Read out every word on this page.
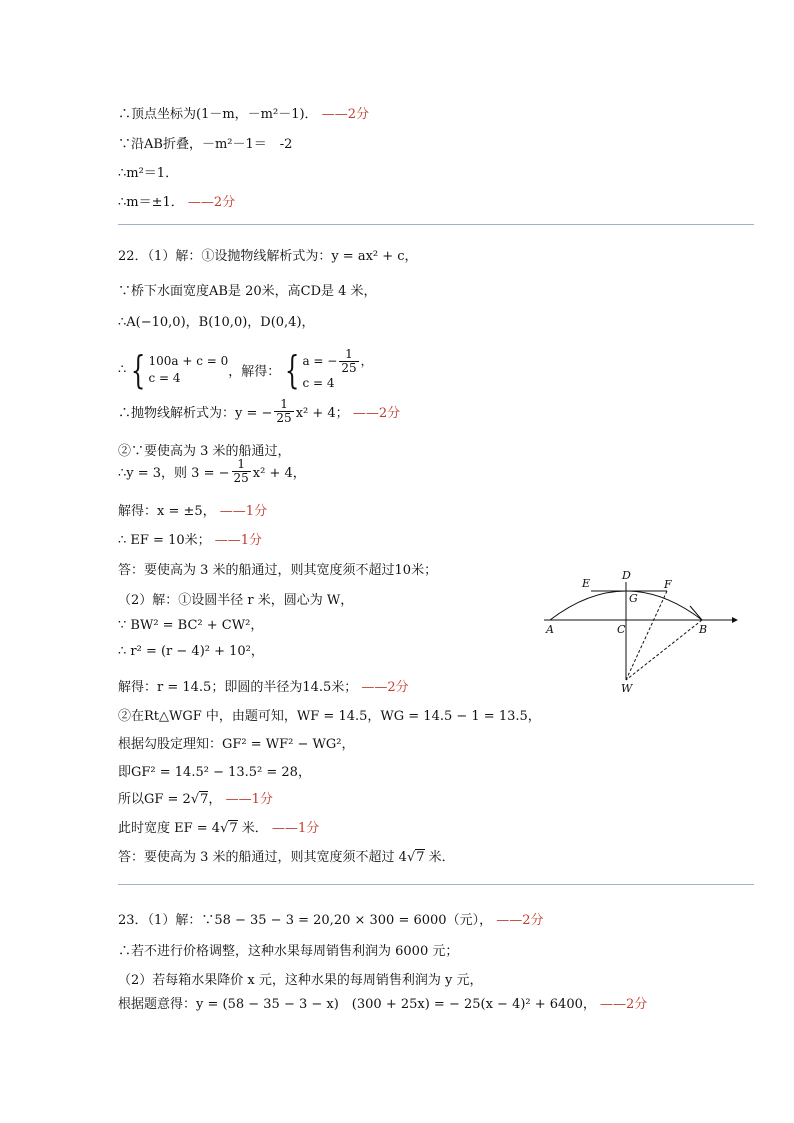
∴顶点坐标为(1－m，－m²－1)． ——2分
∵沿AB折叠，－m²－1＝　-2
∴m²＝1．
∴m＝±1． ——2分
22．（1）解：①设抛物线解析式为：y = ax² + c，
∵桥下水面宽度AB是 20米，高CD是 4 米，
∴A(−10,0)，B(10,0)，D(0,4)，
∴ { 100a + c = 0
c = 4	，解得： { a = − $\frac{1}{25}$ ，
c = 4
∴抛物线解析式为：y = − $\frac{1}{25} x^2 + 4$； ——2分
②∵要使高为 3 米的船通过，
∴y = 3，则 3 = − $\frac{1}{25} x^2 + 4$，
解得：x = ±5， ——1分
∴ EF = 10米； ——1分
答：要使高为 3 米的船通过，则其宽度须不超过10米；
（2）解：①设圆半径 r 米，圆心为 W，
∵ BW² = BC² + CW²，
∴ r² = (r − 4)² + 10²，
解得：r = 14.5；即圆的半径为14.5米； ——2分
②在Rt△WGF 中，由题可知，WF = 14.5，WG = 14.5 − 1 = 13.5，
根据勾股定理知：GF² = WF² − WG²，
即GF² = 14.5² − 13.5² = 28，
所以GF = 2√7， ——1分
此时宽度 EF = 4√7 米． ——1分
答：要使高为 3 米的船通过，则其宽度须不超过 4√7 米．
23．（1）解：∵58 − 35 − 3 = 20,20 × 300 = 6000（元）， ——2分
∴若不进行价格调整，这种水果每周销售利润为 6000 元；
（2）若每箱水果降价 x 元，这种水果的每周销售利润为 y 元，
根据题意得：y = (58 − 35 − 3 − x)　(300 + 25x) = − 25(x − 4)² + 6400， ——2分
E
D
F
G
A	C	B
W
